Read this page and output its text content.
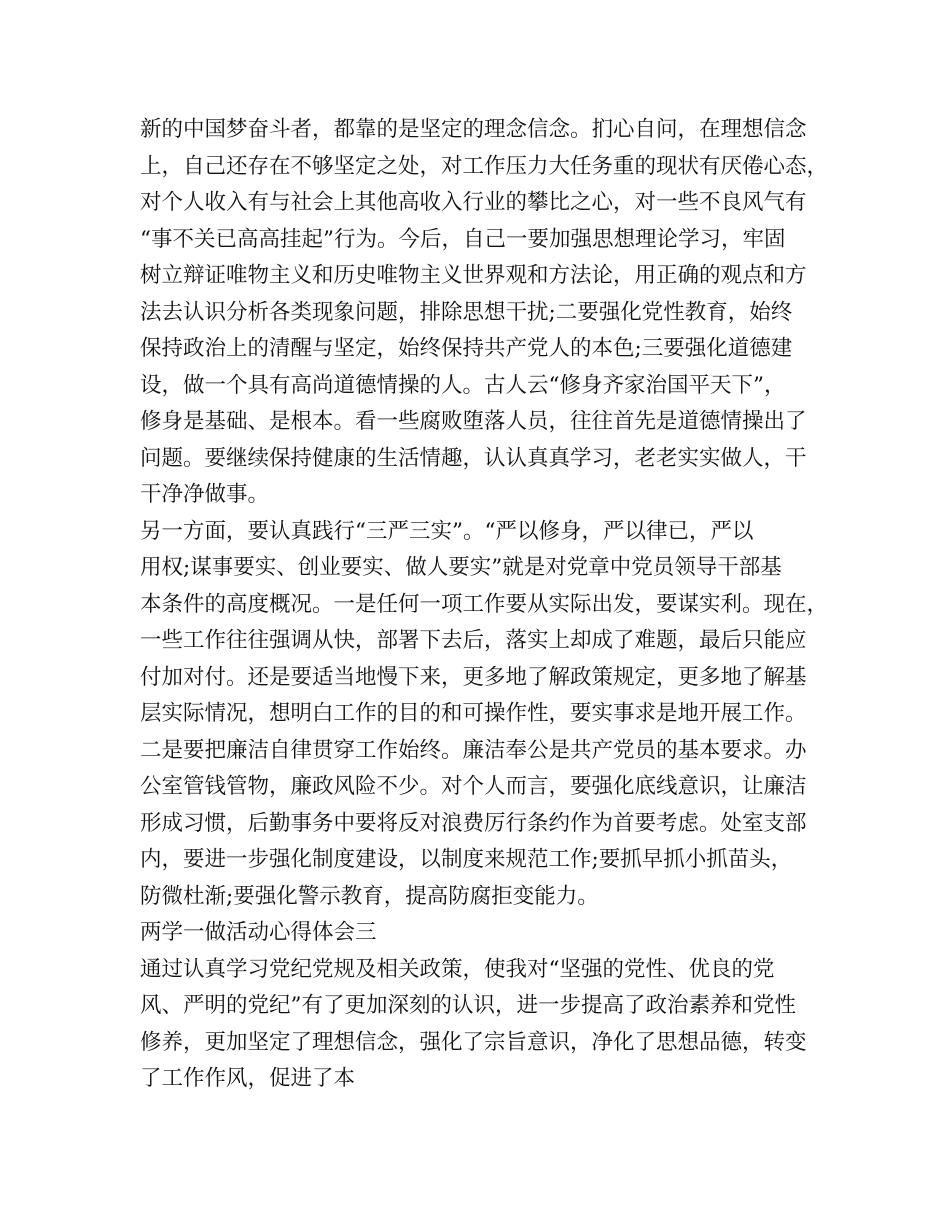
新的中国梦奋斗者，都靠的是坚定的理念信念。扪心自问，在理想信念
上，自己还存在不够坚定之处，对工作压力大任务重的现状有厌倦心态，
对个人收入有与社会上其他高收入行业的攀比之心，对一些不良风气有
“事不关已高高挂起”行为。今后，自己一要加强思想理论学习，牢固
树立辩证唯物主义和历史唯物主义世界观和方法论，用正确的观点和方
法去认识分析各类现象问题，排除思想干扰;二要强化党性教育，始终
保持政治上的清醒与坚定，始终保持共产党人的本色;三要强化道德建
设，做一个具有高尚道德情操的人。古人云“修身齐家治国平天下”，
修身是基础、是根本。看一些腐败堕落人员，往往首先是道德情操出了
问题。要继续保持健康的生活情趣，认认真真学习，老老实实做人，干
干净净做事。
另一方面，要认真践行“三严三实”。“严以修身，严以律已，严以
用权;谋事要实、创业要实、做人要实”就是对党章中党员领导干部基
本条件的高度概况。一是任何一项工作要从实际出发，要谋实利。现在，
一些工作往往强调从快，部署下去后，落实上却成了难题，最后只能应
付加对付。还是要适当地慢下来，更多地了解政策规定，更多地了解基
层实际情况，想明白工作的目的和可操作性，要实事求是地开展工作。
二是要把廉洁自律贯穿工作始终。廉洁奉公是共产党员的基本要求。办
公室管钱管物，廉政风险不少。对个人而言，要强化底线意识，让廉洁
形成习惯，后勤事务中要将反对浪费厉行条约作为首要考虑。处室支部
内，要进一步强化制度建设，以制度来规范工作;要抓早抓小抓苗头，
防微杜渐;要强化警示教育，提高防腐拒变能力。
两学一做活动心得体会三
通过认真学习党纪党规及相关政策，使我对“坚强的党性、优良的党
风、严明的党纪”有了更加深刻的认识，进一步提高了政治素养和党性
修养，更加坚定了理想信念，强化了宗旨意识，净化了思想品德，转变
了工作作风，促进了本
